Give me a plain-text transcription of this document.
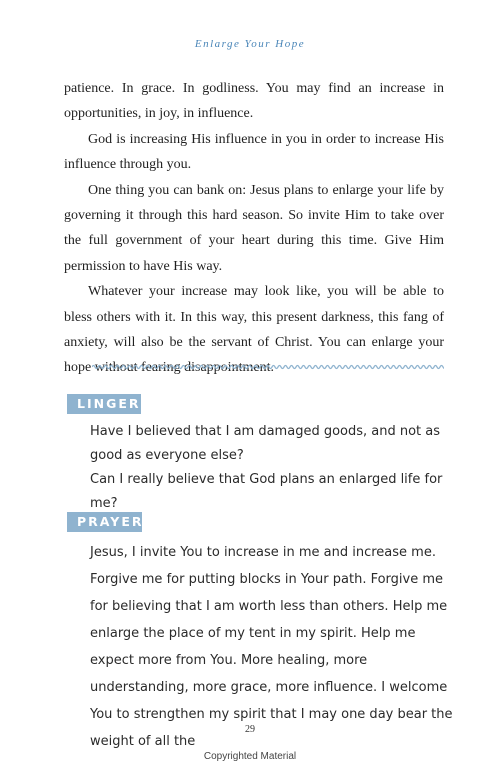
Enlarge Your Hope

patience. In grace. In godliness. You may find an increase in opportunities, in joy, in influence.

God is increasing His influence in you in order to increase His influence through you.

One thing you can bank on: Jesus plans to enlarge your life by governing it through this hard season. So invite Him to take over the full government of your heart during this time. Give Him permission to have His way.

Whatever your increase may look like, you will be able to bless others with it. In this way, this present darkness, this fang of anxiety, will also be the servant of Christ. You can enlarge your hope without fearing disappointment.

LINGER

Have I believed that I am damaged goods, and not as good as everyone else?

Can I really believe that God plans an enlarged life for me?

PRAYER
Jesus, I invite You to increase in me and increase me. Forgive me for putting blocks in Your path. Forgive me for believing that I am worth less than others. Help me enlarge the place of my tent in my spirit. Help me expect more from You. More healing, more understanding, more grace, more influence. I welcome You to strengthen my spirit that I may one day bear the weight of all the
29
Copyrighted Material
